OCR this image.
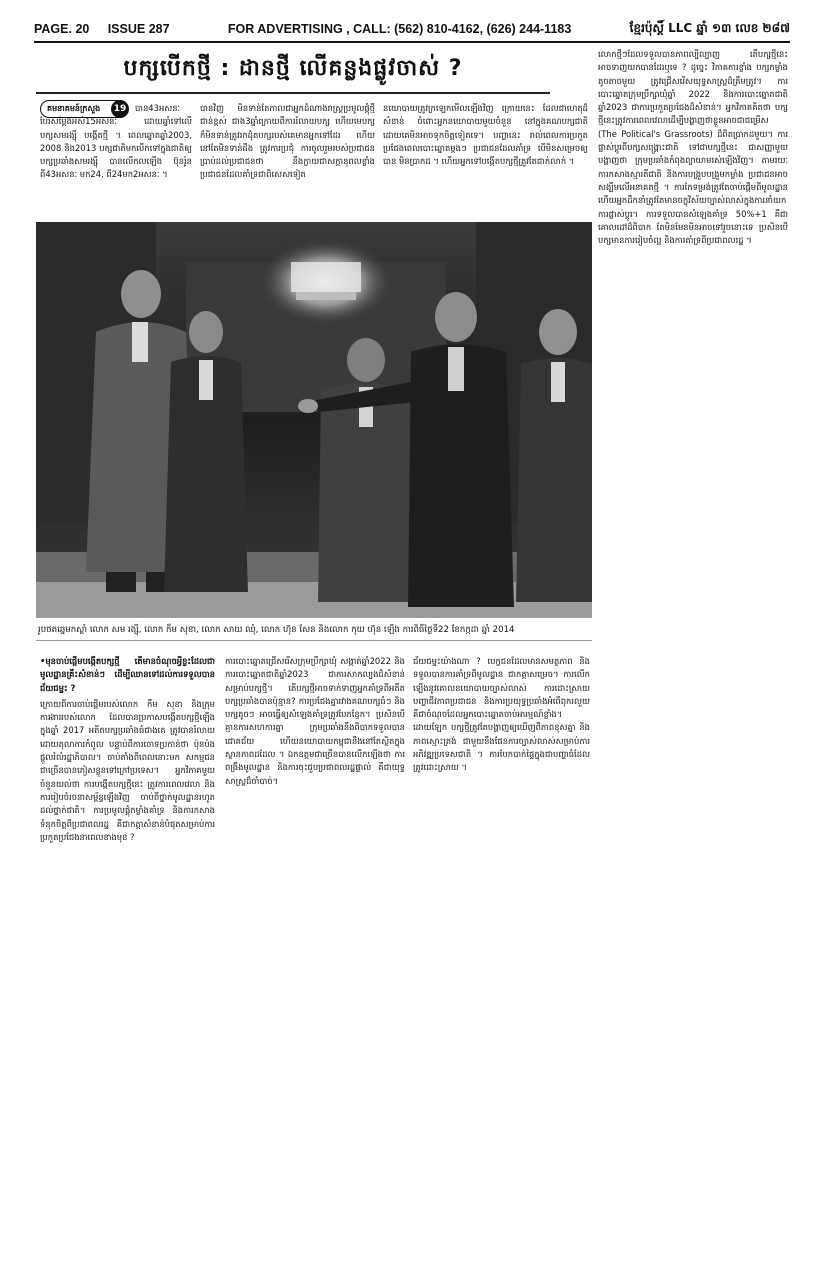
PAGE. 20 ISSUE 287	FOR ADVERTISING , CALL: (562) 810-4162, (626) 244-1183	ខ្មែរប៉ុស្ដិ៍ LLC ឆ្នាំ ១៣ លេខ ២៨៧
បក្សបើកថ្មី : ដានថ្មី លើគន្លងផ្លូវចាស់ ?
គមនាគមន៍ក្រសួង	19	បាន43អសនៈ បែរសម្ដែងអស់15អសនៈ ដោយឆ្នាំទៅលើបក្សសមរង្ស៊ី បង្កើតថ្មី ។ ពេលឆ្នោតឆ្នាំ2003, 2008 និង2013 បក្សជាតិមកបើកទៅក្នុងជាតិឲ្យ បក្សប្រឆាំងសមរង្ស៊ី បានលើកលឡើង ប៊ុនរ៉ូន ពី43អសនៈ មក24, ពី24មក2អសនៈ ។

បានវិញ មិនទាន់តែកាលជាអ្នកដំណាងរាស្ត្រប្រមូលផ្ដុំថ្មីជាន់ខ្ពស់ ជាង3ឆ្នាំក្រោយពីការរំលាយបក្ស ហើយមេបក្ស ក៏មិនទាន់ត្រូវរកដុំតបក្សរបស់គេមានអ្នកទៅដែរ ហើយនៅតែមិនទាន់ដឹង ត្រូវការប្រជុំ ការចូលរួមរបស់ប្រជាជនប្រាប់ដល់ប្រជាជនថា នឹងក្លាយជាសក្ដានុពលខ្លាំង ប្រជាជនដែលគាំទ្រជាពិសេសទៀត

នយោបាយត្រូវក្រឡេកមើលឡើងវិញ ក្រោយនេះ ដែលជាហេតុដ៏សំខាន់ ចំពោះអ្នកនយោបាយមួយចំនួន នៅក្នុងគណបក្សជាតិ ដោយគេមិនអាចទុកចិត្តទៀតទេ។ បញ្ហានេះ រាល់ពេលការប្រកួតប្រជែងពេលបោះឆ្នោតម្ដងៗ ប្រជាជនដែលគាំទ្រ បើមិនសម្រេចឲ្យបាន មិនប្រាកដ ។ ហើយអ្នកទៅបង្កើតបក្សថ្មីត្រូវតែជាក់លាក់ ។

រូបថតឆ្នេមកស្ដាំ លោក សម រង្ស៊ី, លោក កឹម សុខា, លោក សាយ ឈុំ, លោក ហ៊ុន សែន និងលោក កុយ ហ៊ុន ឡើង ការពិធីថ្ងៃទី22 ខែកក្កដា ឆ្នាំ 2014

លោកថ្មីៗដែលទទួលបានភាពល្បីល្បាញ តើបក្សថ្មីនេះអាចទាញយកបានដែរឬទេ ? ដូច្នេះ វិភាគការខ្លាំង បក្សកម្លាំងតូចតាចមួយ ត្រូវជ្រើសរើសយុទ្ធសាស្ត្រដ៏ត្រឹមត្រូវ។ ការបោះឆ្នោតក្រុមប្រឹក្សាឃុំឆ្នាំ 2022 និងការបោះឆ្នោតជាតិឆ្នាំ2023 ជាការប្រកួតប្រជែងដ៏សំខាន់។ អ្នកវិភាគគិតថា បក្សថ្មីនេះត្រូវការពេលវេលាដើម្បីបង្ហាញថាខ្លួនអាចជាជម្រើស (The Political's Grassroots) ដ៏ពិតប្រាកដមួយ។ ការផ្លាស់ប្ដូរពីបក្សសង្គ្រោះជាតិ ទៅជាបក្សថ្មីនេះ ជាសញ្ញាមួយបង្ហាញថា ក្រុមប្រឆាំងកំពុងព្យាយាមរស់ឡើងវិញ។ តាមរយៈការកសាងស្មារតីជាតិ និងការបង្រួបបង្រួមកម្លាំង ប្រជាជនអាចសង្ឃឹមលើអនាគតថ្មី ។ ការកែទម្រង់ត្រូវតែចាប់ផ្ដើមពីមូលដ្ឋាន ហើយអ្នកដឹកនាំត្រូវតែមានចក្ខុវិស័យច្បាស់លាស់ក្នុងការនាំយកការផ្លាស់ប្ដូរ។ ការទទួលបានសំឡេងគាំទ្រ 50%+1 គឺជាគោលដៅដ៏ពិបាក តែមិនមែនមិនអាចទៅរួចនោះទេ ប្រសិនបើបក្សមានការរៀបចំល្អ និងការគាំទ្រពីប្រជាពលរដ្ឋ ។

•មុនចាប់ផ្ដើមបង្កើតបក្សថ្មី តើមានចំណុចអ្វីខ្លះដែលជាមូលដ្ឋានគ្រឹះសំខាន់ៗ ដើម្បីឈានទៅដល់ការទទួលបានជ័យជម្នះ ?

ក្រោយពីការចាប់ផ្ដើមរបស់លោក កឹម សុខា និងក្រុមការងាររបស់លោក ដែលបានប្រកាសបង្កើតបក្សថ្មីឡើង ក្នុងឆ្នាំ 2017 អតីតបក្សប្រឆាំងធំជាងគេ ត្រូវបានរំលាយដោយតុលាការកំពូល បន្ទាប់ពីការចោទប្រកាន់ថា ប៉ុនប៉ងផ្ដួលរំលំរដ្ឋាភិបាល។ ចាប់តាំងពីពេលនោះមក សកម្មជនជាច្រើនបានភៀសខ្លួនទៅក្រៅប្រទេស។ អ្នកវិភាគមួយចំនួនយល់ថា ការបង្កើតបក្សថ្មីនេះ ត្រូវការពេលវេលា និងការរៀបចំរចនាសម្ព័ន្ធឡើងវិញ ចាប់ពីថ្នាក់មូលដ្ឋានរហូតដល់ថ្នាក់ជាតិ។ ការប្រមូលផ្ដុំកម្លាំងគាំទ្រ និងការកសាងទំនុកចិត្តពីប្រជាពលរដ្ឋ គឺជាកត្តាសំខាន់បំផុតសម្រាប់ការប្រកួតប្រជែងនាពេលខាងមុខ ?

ការបោះឆ្នោតជ្រើសរើសក្រុមប្រឹក្សាឃុំ សង្កាត់ឆ្នាំ2022 និងការបោះឆ្នោតជាតិឆ្នាំ2023 ជាការសាកល្បងដ៏សំខាន់សម្រាប់បក្សថ្មី។ តើបក្សថ្មីអាចទាក់ទាញអ្នកគាំទ្រពីអតីតបក្សប្រឆាំងបានប៉ុន្មាន? ការប្រជែងគ្នារវាងគណបក្សធំៗ និងបក្សតូចៗ អាចធ្វើឲ្យសំឡេងគាំទ្រត្រូវបែកខ្ញែក។ ប្រសិនបើគ្មានការសហការគ្នា ក្រុមប្រឆាំងនឹងពិបាកទទួលបានជោគជ័យ ហើយនយោបាយកម្ពុជានឹងនៅតែស្ថិតក្នុងស្ថានភាពដដែល ។ ឯកឧត្តមជាច្រើនបានលើកឡើងថា ការពង្រឹងមូលដ្ឋាន និងការចុះជួបប្រជាពលរដ្ឋផ្ទាល់ គឺជាយុទ្ធសាស្ត្រដ៏ចាំបាច់។

ជ័យជម្នះយ៉ាងណា ? បេក្ខជនដែលមានសមត្ថភាព និងទទួលបានការគាំទ្រពីមូលដ្ឋាន ជាកត្តាសម្រេច។ ការលើកឡើងនូវគោលនយោបាយច្បាស់លាស់ ការដោះស្រាយបញ្ហាជីវភាពប្រជាជន និងការប្រយុទ្ធប្រឆាំងអំពើពុករលួយ គឺជាចំណុចដែលអ្នកបោះឆ្នោតចាប់អារម្មណ៍ខ្លាំង។ ដោយឡែក បក្សថ្មីត្រូវតែបង្ហាញឲ្យឃើញពីភាពខុសគ្នា និងភាពស្មោះត្រង់ ជាមួយនឹងផែនការច្បាស់លាស់សម្រាប់ការអភិវឌ្ឍប្រទេសជាតិ ។ ការបែកបាក់ផ្ទៃក្នុងជាបញ្ហាធំដែលត្រូវដោះស្រាយ ។
